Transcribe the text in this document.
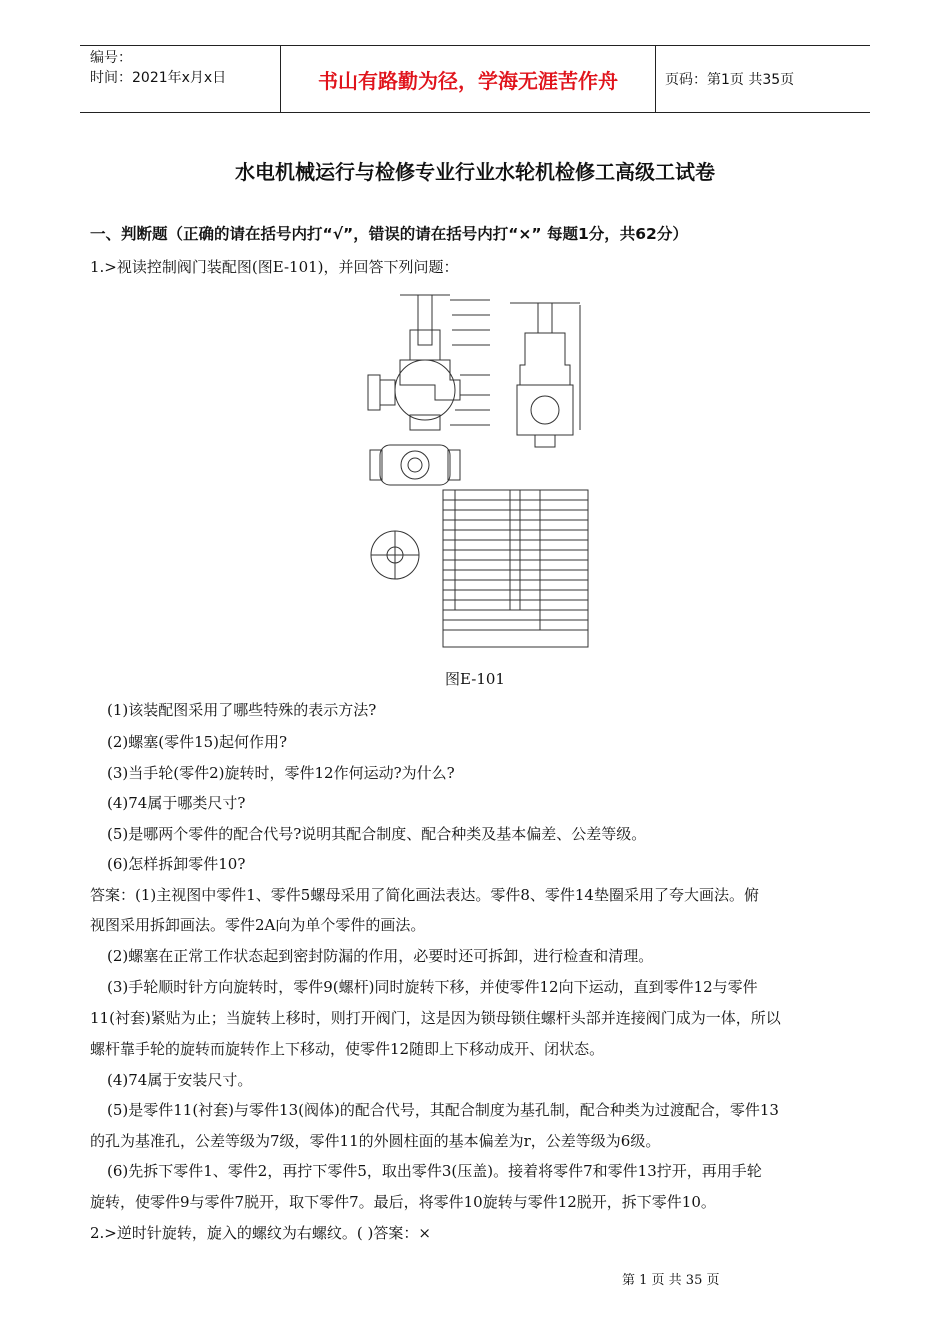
编号：
时间：2021年x月x日	书山有路勤为径，学海无涯苦作舟	页码：第1页 共35页
水电机械运行与检修专业行业水轮机检修工高级工试卷
一、判断题（正确的请在括号内打“√”，错误的请在括号内打“×” 每题1分，共62分）
1.>视读控制阀门装配图(图E-101)，并回答下列问题：
图E-101
(1)该装配图采用了哪些特殊的表示方法?
(2)螺塞(零件15)起何作用?
(3)当手轮(零件2)旋转时，零件12作何运动?为什么?
(4)74属于哪类尺寸?
(5)是哪两个零件的配合代号?说明其配合制度、配合种类及基本偏差、公差等级。
(6)怎样拆卸零件10?
答案：(1)主视图中零件1、零件5螺母采用了简化画法表达。零件8、零件14垫圈采用了夸大画法。俯
视图采用拆卸画法。零件2A向为单个零件的画法。
(2)螺塞在正常工作状态起到密封防漏的作用，必要时还可拆卸，进行检查和清理。
(3)手轮顺时针方向旋转时，零件9(螺杆)同时旋转下移，并使零件12向下运动，直到零件12与零件
11(衬套)紧贴为止；当旋转上移时，则打开阀门，这是因为锁母锁住螺杆头部并连接阀门成为一体，所以
螺杆靠手轮的旋转而旋转作上下移动，使零件12随即上下移动成开、闭状态。
(4)74属于安装尺寸。
(5)是零件11(衬套)与零件13(阀体)的配合代号，其配合制度为基孔制，配合种类为过渡配合，零件13
的孔为基准孔，公差等级为7级，零件11的外圆柱面的基本偏差为r，公差等级为6级。
(6)先拆下零件1、零件2，再拧下零件5，取出零件3(压盖)。接着将零件7和零件13拧开，再用手轮
旋转，使零件9与零件7脱开，取下零件7。最后，将零件10旋转与零件12脱开，拆下零件10。
2.>逆时针旋转，旋入的螺纹为右螺纹。( )答案：×
第 1 页 共 35 页
